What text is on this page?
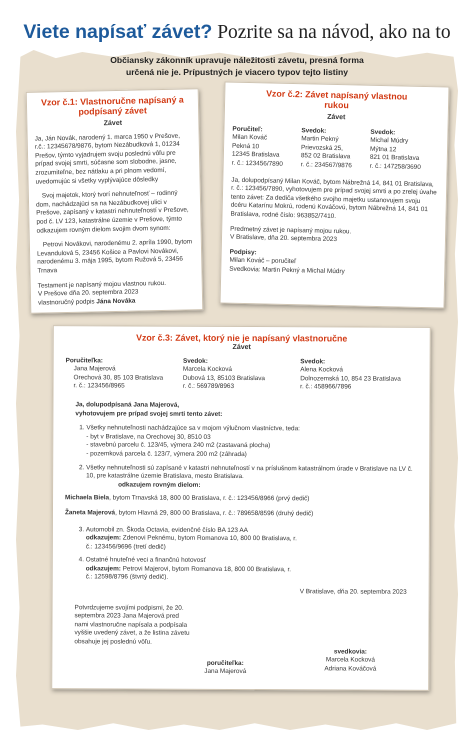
Viete napísať závet? Pozrite sa na návod, ako na to
Občiansky zákonník upravuje náležitosti závetu, presná forma určená nie je. Prípustných je viacero typov tejto listiny
Vzor č.1: Vlastnoručne napísaný a podpísaný závet
Závet

Ja, Ján Novák, narodený 1. marca 1950 v Prešove, r.č.: 12345678/9876, bytom Nezábudková 1, 01234 Prešov, týmto vyjadrujem svoju poslednú vôľu pre prípad svojej smrti, súčasne som slobodne, jasne, zrozumiteľne, bez nátlaku a pri plnom vedomí, uvedomujúc si všetky vyplývajúce dôsledky

Svoj majetok, ktorý tvorí nehnuteľnosť – rodinný dom, nachádzajúci sa na Nezábudkovej ulici v Prešove, zapísaný v katastri nehnuteľností v Prešove, pod č. LV 123, katastrálne územie v Prešove, týmto odkazujem rovným dielom svojim dvom synom:

Petrovi Novákovi, narodenému 2. apríla 1990, bytom Levandulová 5, 23456 Košice a Pavlovi Novákovi, narodenému 3. mája 1995, bytom Ružová 5, 23456 Trnava

Testament je napísaný mojou vlastnou rukou.
V Prešove dňa 20. septembra 2023
vlastnoručný podpis Jána Nováka
Vzor č.2: Závet napísaný vlastnou rukou
Závet
Poručiteľ:
Milan Kováč
Pekná 10
12345 Bratislava
r. č.: 123456/7890
Svedok:
Martin Pekný
Prievozská 25,
852 02 Bratislava
r. č.: 234567/9876
Svedok:
Michal Múdry
Mýtna 12
821 01 Bratislava
r. č.: 147258/3690

Ja, dolupodpísaný Milan Kováč, bytom Nábrežná 14, 841 01 Bratislava, r. č.: 123456/7890, vyhotovujem pre prípad svojej smrti a po zrelej úvahe tento závet: Za dediča všetkého svojho majetku ustanovujem svoju dcéru Katarínu Mokrú, rodenú Kováčovú, bytom Nábrežná 14, 841 01 Bratislava, rodné číslo: 963852/7410.

Predmetný závet je napísaný mojou rukou.

V Bratislave, dňa 20. septembra 2023

Podpisy:
Milan Kováč – poručiteľ
Svedkovia: Martin Pekný a Michal Múdry
Vzor č.3: Závet, ktorý nie je napísaný vlastnoručne
Závet
Poručiteľka:
Jana Majerová
Orechová 30, 85 103 Bratislava
r. č.: 123456/8965
Svedok:
Marcela Kocková
Dubová 13, 85103 Bratislava
r. č.: 569789/8963
Svedok:
Alena Kocková
Dolnozemská 10, 854 23 Bratislava
r. č.: 458966/7896
Ja, dolupodpísaná Jana Majerová,
vyhotovujem pre prípad svojej smrti tento závet:
1. Všetky nehnuteľnosti nachádzajúce sa v mojom výlučnom vlastníctve, teda:
- byt v Bratislave, na Orechovej 30, 8510 03
- stavebnú parcelu č. 123/45, výmera 240 m2 (zastavaná plocha)
- pozemková parcela č. 123/7, výmera 200 m2 (záhrada)
2. Všetky nehnuteľnosti sú zapísané v katastri nehnuteľností v na príslušnom katastrálnom úrade v Bratislave na LV č. 10, pre katastrálne územie Bratislava, mesto Bratislava.
odkazujem rovným dielom:
Michaela Biela, bytom Trnavská 18, 800 00 Bratislava, r. č.: 123456/8966 (prvý dedič)
Žaneta Majerová, bytom Hlavná 29, 800 00 Bratislava, r. č.: 789658/8596 (druhý dedič)
3. Automobil zn. Škoda Octavia, evidenčné číslo BA 123 AA
odkazujem: Zdenovi Peknému, bytom Romanova 10, 800 00 Bratislava, r. č.: 123456/9696 (tretí dedič)
4. Ostatné hnuteľné veci a finančnú hotovosť
odkazujem: Petrovi Majerovi, bytom Romanova 18, 800 00 Bratislava, r. č.: 12598/8796 (štvrtý dedič).
V Bratislave, dňa 20. septembra 2023
Potvrdzujeme svojími podpismi, že 20. septembra 2023 Jana Majerová pred nami vlastnoručne napísala a podpísala vyššie uvedený závet, a že listina závetu obsahuje jej poslednú vôľu.
poručiteľka:
Jana Majerová
svedkovia:
Marcela Kocková
Adriana Kováčová
